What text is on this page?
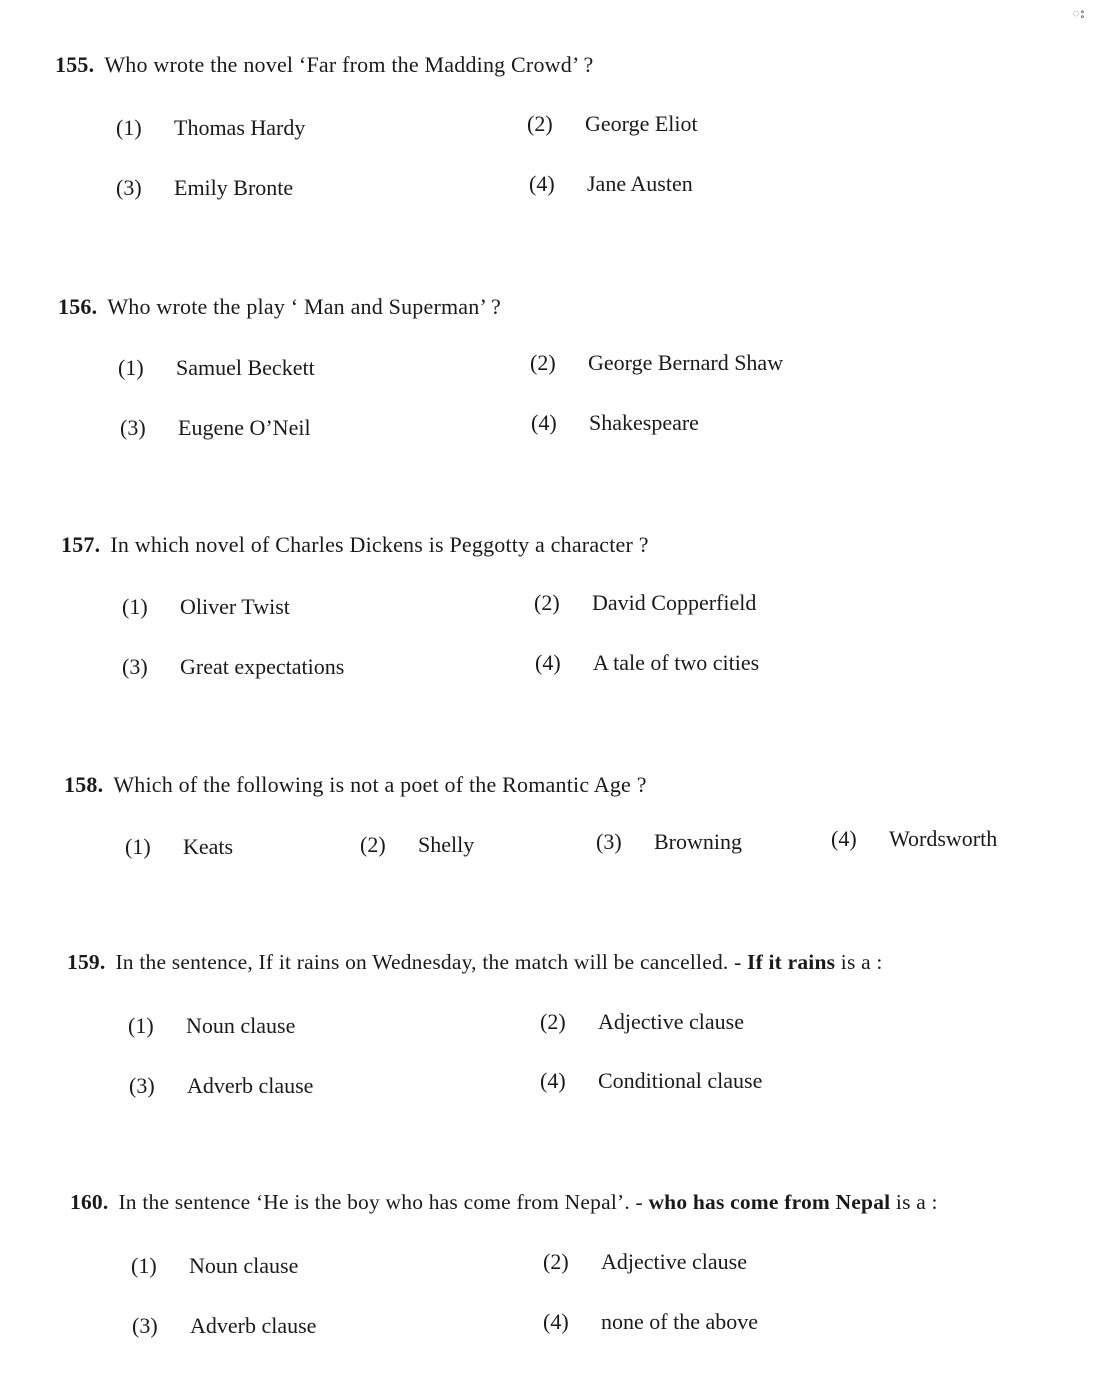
ះ
155. Who wrote the novel ‘Far from the Madding Crowd’ ?
(1) Thomas Hardy	(2) George Eliot
(3) Emily Bronte	(4) Jane Austen
156. Who wrote the play ‘ Man and Superman’ ?
(1) Samuel Beckett	(2) George Bernard Shaw
(3) Eugene O’Neil	(4) Shakespeare
157. In which novel of Charles Dickens is Peggotty a character ?
(1) Oliver Twist	(2) David Copperfield
(3) Great expectations	(4) A tale of two cities
158. Which of the following is not a poet of the Romantic Age ?
(1) Keats	(2) Shelly	(3) Browning	(4) Wordsworth
159. In the sentence, If it rains on Wednesday, the match will be cancelled. - If it rains is a :
(1) Noun clause	(2) Adjective clause
(3) Adverb clause	(4) Conditional clause
160. In the sentence ‘He is the boy who has come from Nepal’. - who has come from Nepal is a :
(1) Noun clause	(2) Adjective clause
(3) Adverb clause	(4) none of the above
